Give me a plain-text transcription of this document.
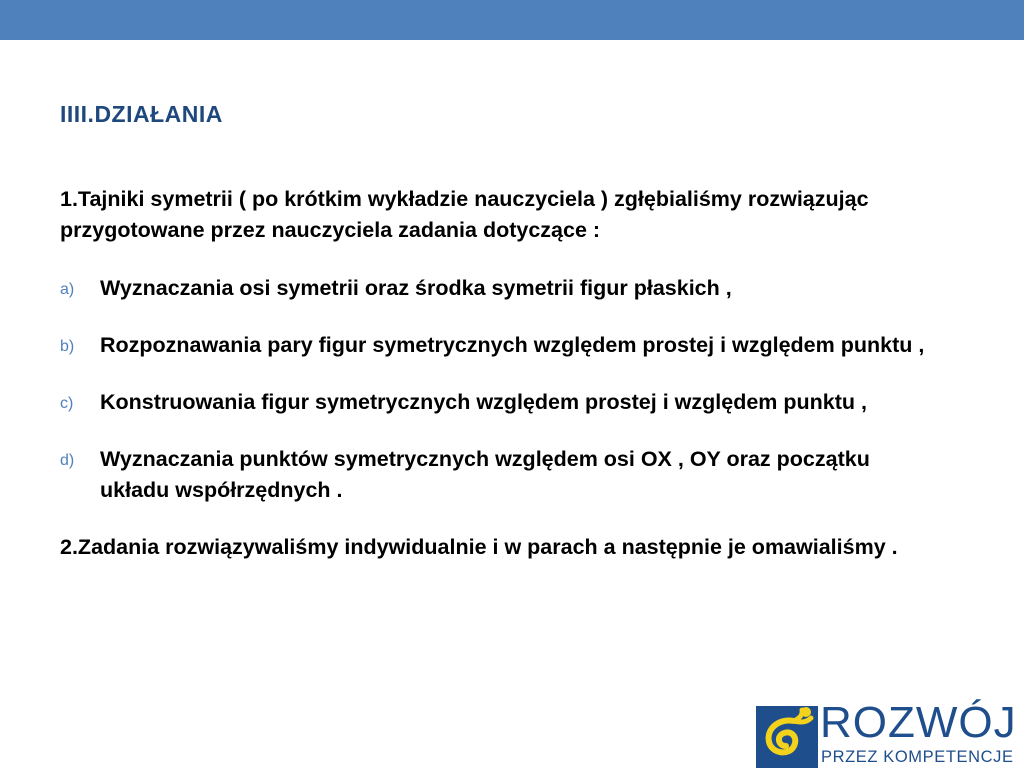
IIII.DZIAŁANIA

1.Tajniki symetrii ( po krótkim wykładzie nauczyciela ) zgłębialiśmy rozwiązując przygotowane przez nauczyciela zadania dotyczące :

a) Wyznaczania osi symetrii oraz środka symetrii figur płaskich ,
b) Rozpoznawania pary figur symetrycznych względem prostej i względem punktu ,
c) Konstruowania figur symetrycznych względem prostej i względem punktu ,
d) Wyznaczania punktów symetrycznych względem osi OX , OY oraz początku układu współrzędnych .

2.Zadania rozwiązywaliśmy indywidualnie i w parach a następnie je omawialiśmy .

ROZWÓJ
PRZEZ KOMPETENCJE
